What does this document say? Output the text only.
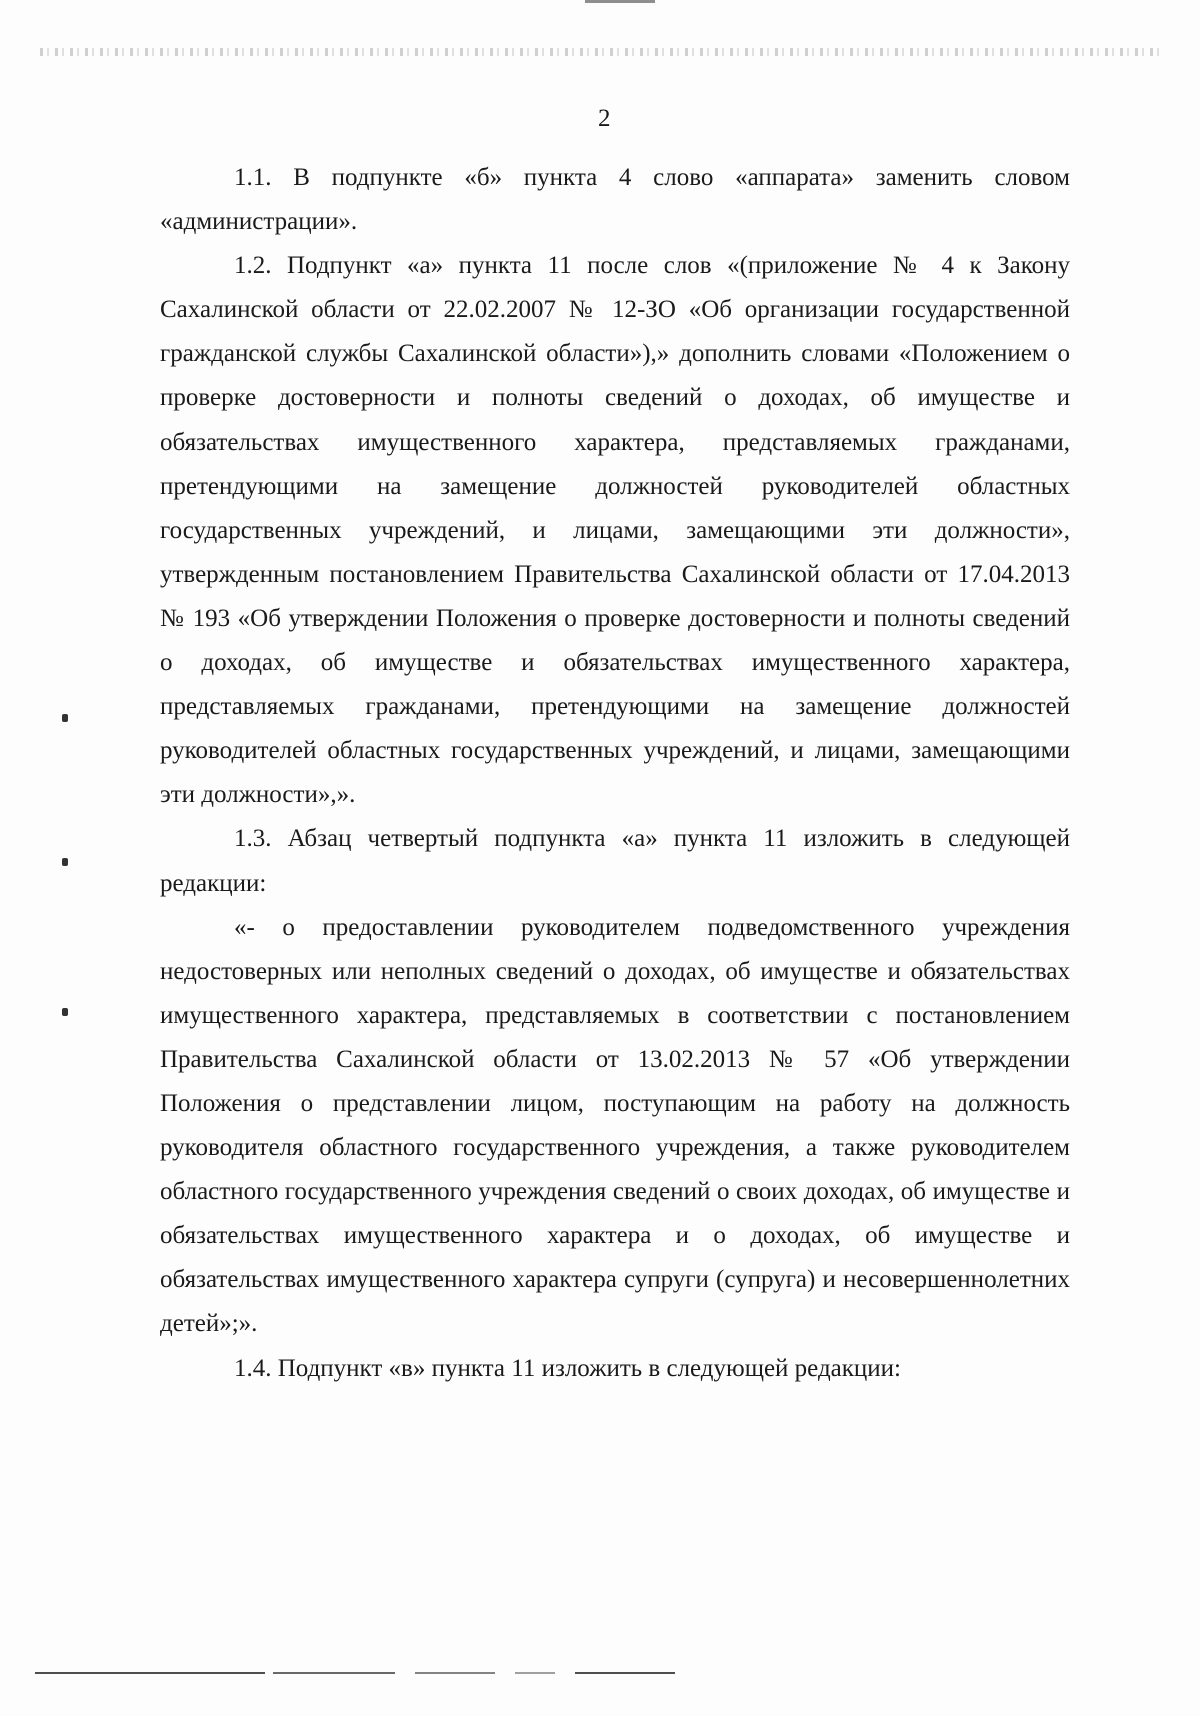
2

1.1. В подпункте «б» пункта 4 слово «аппарата» заменить словом «администрации».

1.2. Подпункт «а» пункта 11 после слов «(приложение № 4 к Закону Сахалинской области от 22.02.2007 № 12-ЗО «Об организации государственной гражданской службы Сахалинской области»),» дополнить словами «Положением о проверке достоверности и полноты сведений о доходах, об имуществе и обязательствах имущественного характера, представляемых гражданами, претендующими на замещение должностей руководителей областных государственных учреждений, и лицами, замещающими эти должности», утвержденным постановлением Правительства Сахалинской области от 17.04.2013 № 193 «Об утверждении Положения о проверке достоверности и полноты сведений о доходах, об имуществе и обязательствах имущественного характера, представляемых гражданами, претендующими на замещение должностей руководителей областных государственных учреждений, и лицами, замещающими эти должности»,».

1.3. Абзац четвертый подпункта «а» пункта 11 изложить в следующей редакции:

«- о предоставлении руководителем подведомственного учреждения недостоверных или неполных сведений о доходах, об имуществе и обязательствах имущественного характера, представляемых в соответствии с постановлением Правительства Сахалинской области от 13.02.2013 № 57 «Об утверждении Положения о представлении лицом, поступающим на работу на должность руководителя областного государственного учреждения, а также руководителем областного государственного учреждения сведений о своих доходах, об имуществе и обязательствах имущественного характера и о доходах, об имуществе и обязательствах имущественного характера супруги (супруга) и несовершеннолетних детей»;».

1.4. Подпункт «в» пункта 11 изложить в следующей редакции:
